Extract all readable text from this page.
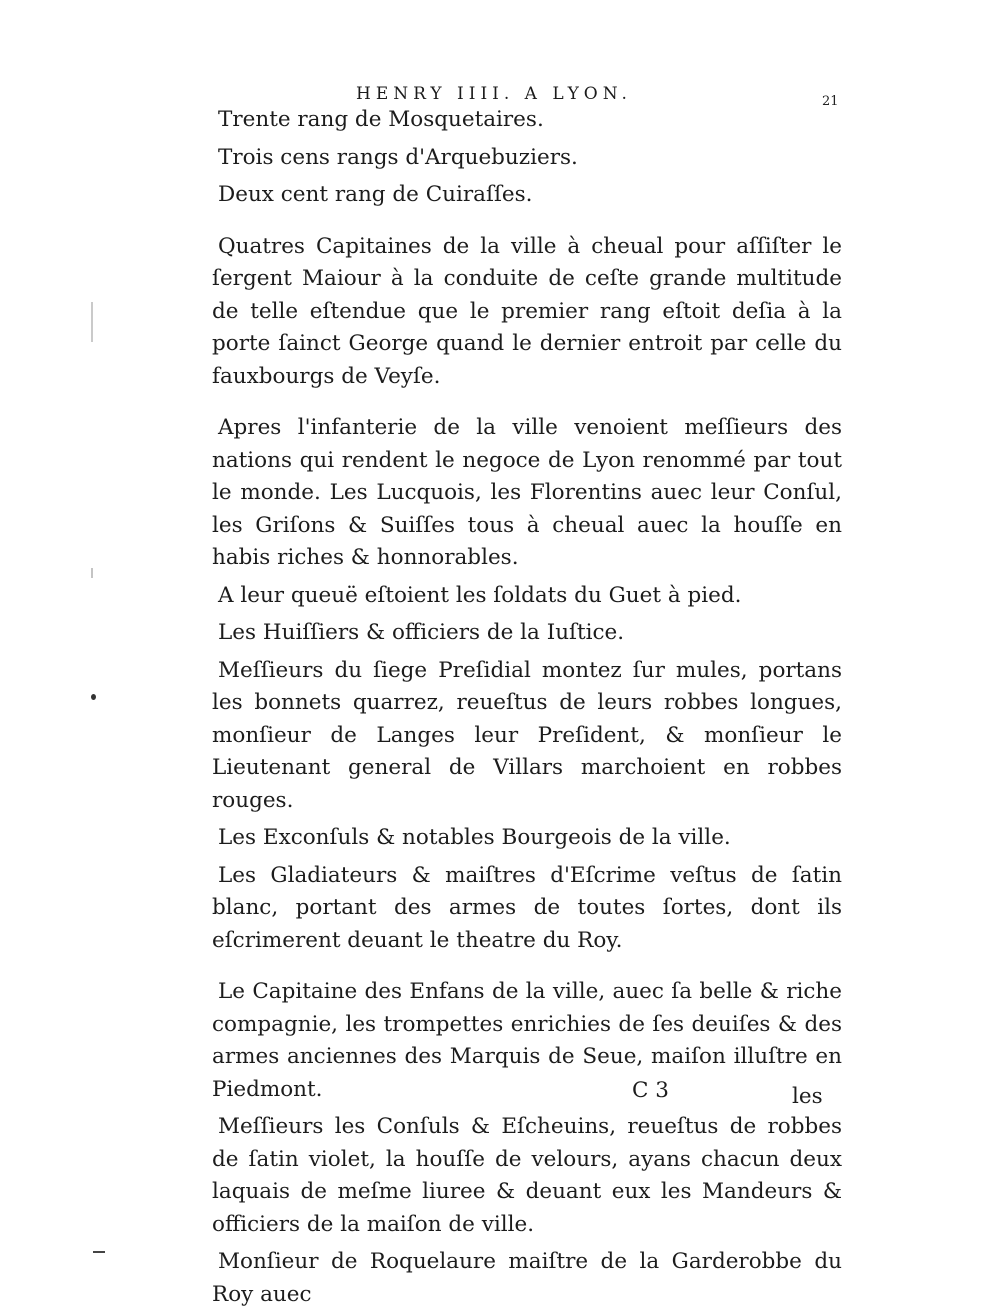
HENRY IIII. A LYON.	21

Trente rang de Mosquetaires.

Trois cens rangs d'Arquebuziers.

Deux cent rang de Cuiraſſes.

Quatres Capitaines de la ville à cheual pour aſſiſter le ſergent Maiour à la conduite de ceſte grande multitude de telle eſtendue que le premier rang eſtoit deſia à la porte ſainct George quand le dernier entroit par celle du fauxbourgs de Veyſe.

Apres l'infanterie de la ville venoient meſſieurs des nations qui rendent le negoce de Lyon renommé par tout le monde. Les Lucquois, les Florentins auec leur Conſul, les Griſons & Suiſſes tous à cheual auec la houſſe en habis riches & honnorables.

A leur queuë eſtoient les ſoldats du Guet à pied.

Les Huiſſiers & officiers de la Iuſtice.

Meſſieurs du ſiege Preſidial montez ſur mules, portans les bonnets quarrez, reueſtus de leurs robbes longues, monſieur de Langes leur Preſident, & monſieur le Lieutenant general de Villars marchoient en robbes rouges.

Les Exconſuls & notables Bourgeois de la ville.

Les Gladiateurs & maiſtres d'Eſcrime veſtus de ſatin blanc, portant des armes de toutes ſortes, dont ils eſcrimerent deuant le theatre du Roy.

Le Capitaine des Enfans de la ville, auec ſa belle & riche compagnie, les trompettes enrichies de ſes deuiſes & des armes anciennes des Marquis de Seue, maiſon illuſtre en Piedmont.

Meſſieurs les Conſuls & Eſcheuins, reueſtus de robbes de ſatin violet, la houſſe de velours, ayans chacun deux laquais de meſme liuree & deuant eux les Mandeurs & officiers de la maiſon de ville.

Monſieur de Roquelaure maiſtre de la Garderobbe du Roy auec

C 3	les
